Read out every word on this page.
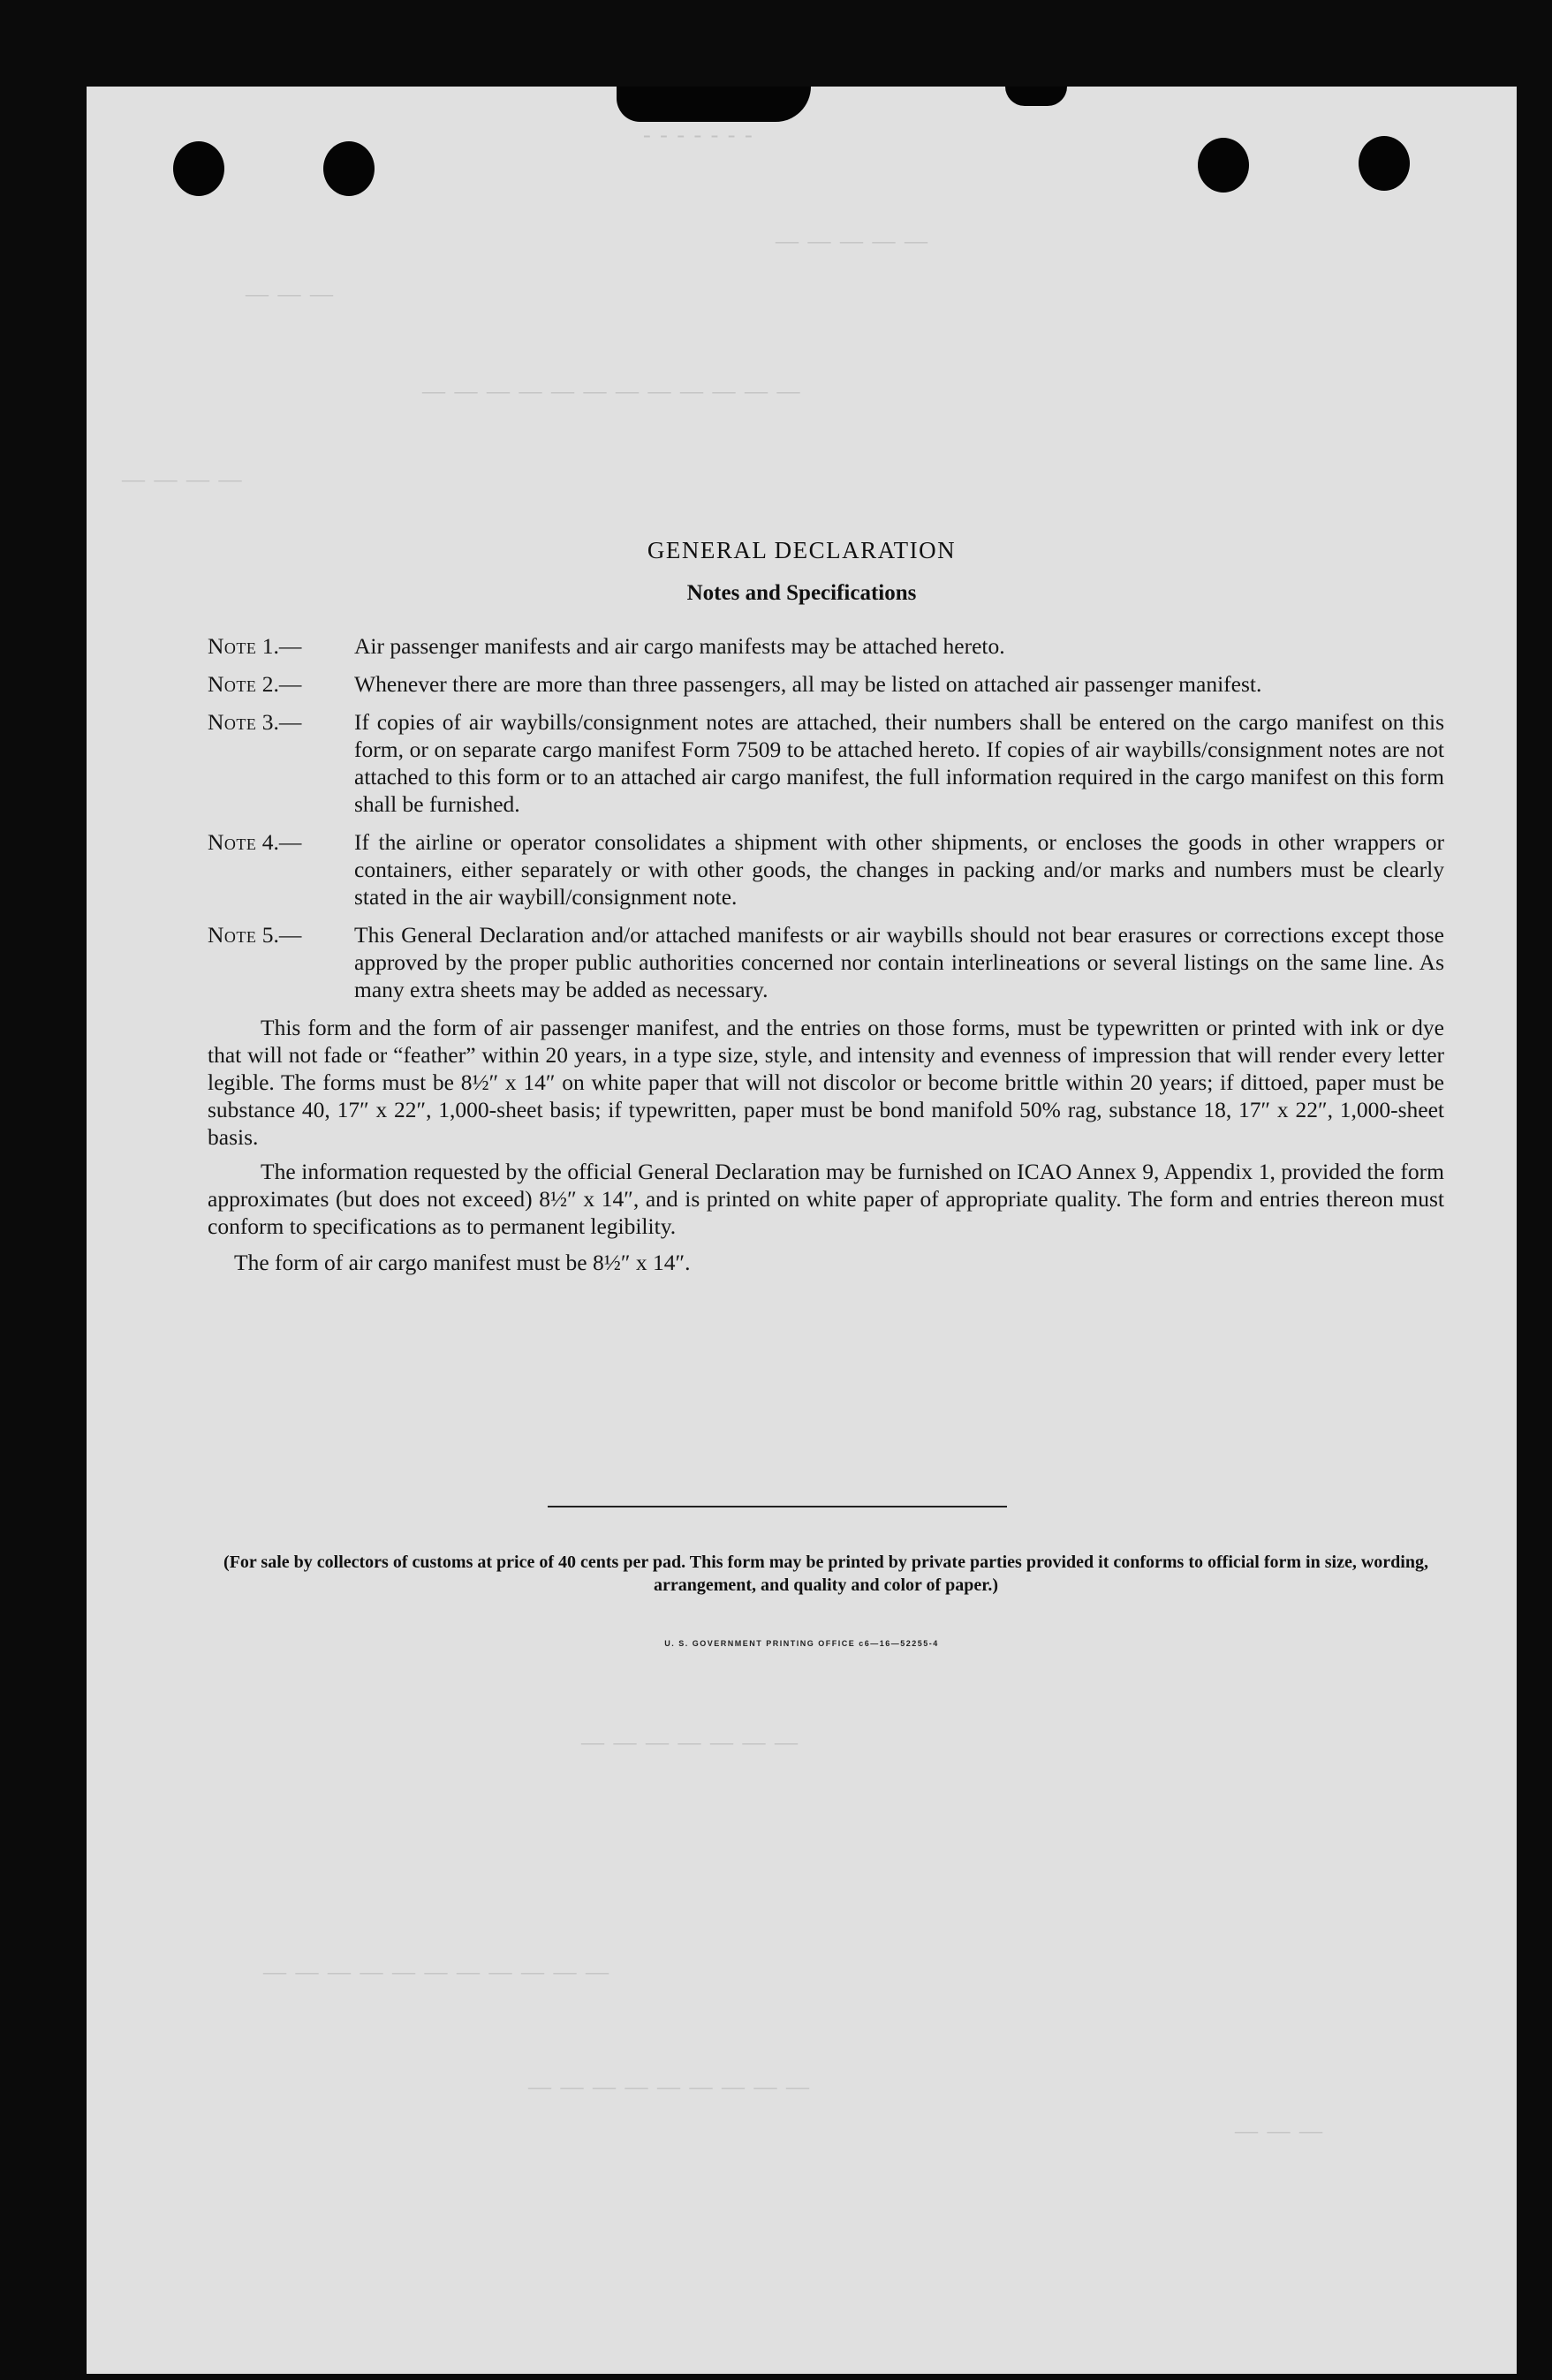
- - - - - - -
— — —
— — — — —
— — — — — — — — — — — —
— — — —
— — — — — — —
— — — — — — — — — — —
— — — — — — — — —
— — —
GENERAL DECLARATION
Notes and Specifications
Note 1.—	Air passenger manifests and air cargo manifests may be attached hereto.
Note 2.—	Whenever there are more than three passengers, all may be listed on attached air passenger manifest.
Note 3.—	If copies of air waybills/consignment notes are attached, their numbers shall be entered on the cargo manifest on this form, or on separate cargo manifest Form 7509 to be attached hereto. If copies of air waybills/consignment notes are not attached to this form or to an attached air cargo manifest, the full information required in the cargo manifest on this form shall be furnished.
Note 4.—	If the airline or operator consolidates a shipment with other shipments, or encloses the goods in other wrappers or containers, either separately or with other goods, the changes in packing and/or marks and numbers must be clearly stated in the air waybill/consignment note.
Note 5.—	This General Declaration and/or attached manifests or air waybills should not bear erasures or corrections except those approved by the proper public authorities concerned nor contain interlineations or several listings on the same line. As many extra sheets may be added as necessary.

This form and the form of air passenger manifest, and the entries on those forms, must be typewritten or printed with ink or dye that will not fade or “feather” within 20 years, in a type size, style, and intensity and evenness of impression that will render every letter legible. The forms must be 8½″ x 14″ on white paper that will not discolor or become brittle within 20 years; if dittoed, paper must be substance 40, 17″ x 22″, 1,000-sheet basis; if typewritten, paper must be bond manifold 50% rag, substance 18, 17″ x 22″, 1,000-sheet basis.

The information requested by the official General Declaration may be furnished on ICAO Annex 9, Appendix 1, provided the form approximates (but does not exceed) 8½″ x 14″, and is printed on white paper of appropriate quality. The form and entries thereon must conform to specifications as to permanent legibility.

The form of air cargo manifest must be 8½″ x 14″.

(For sale by collectors of customs at price of 40 cents per pad. This form may be printed by private parties provided it conforms to official form in size, wording, arrangement, and quality and color of paper.)
U. S. GOVERNMENT PRINTING OFFICE c6—16—52255-4
